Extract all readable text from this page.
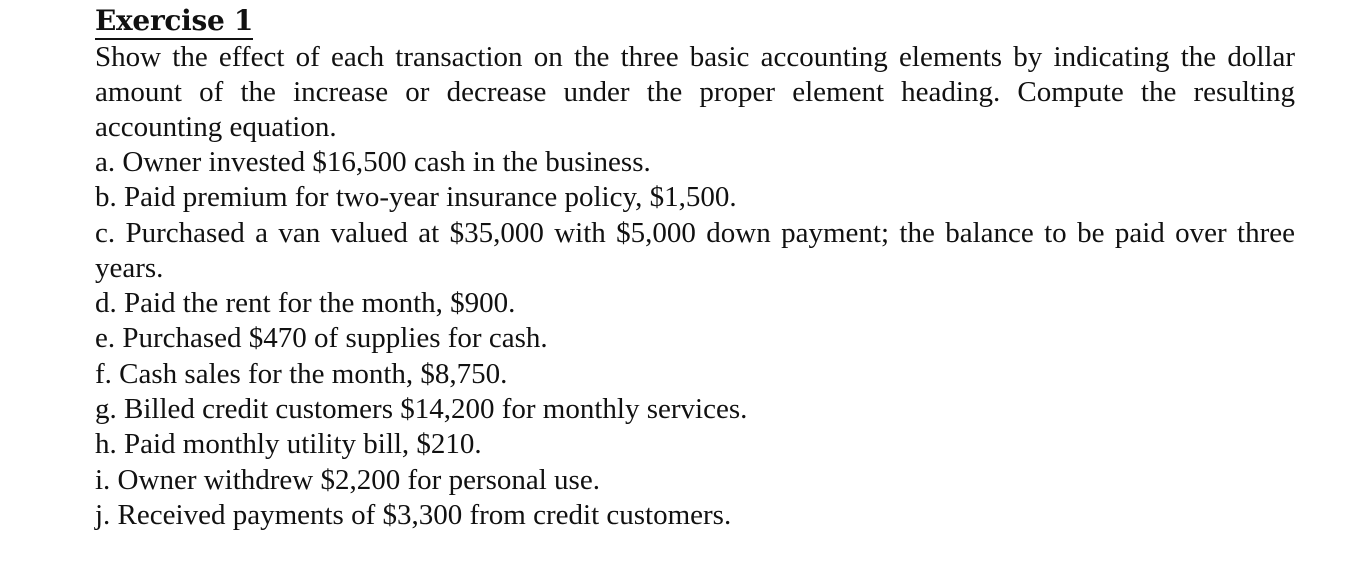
Exercise 1

Show the effect of each transaction on the three basic accounting elements by indicating the dollar amount of the increase or decrease under the proper element heading. Compute the resulting accounting equation.

a. Owner invested $16,500 cash in the business.
b. Paid premium for two-year insurance policy, $1,500.
c. Purchased a van valued at $35,000 with $5,000 down payment; the balance to be paid over three years.
d. Paid the rent for the month, $900.
e. Purchased $470 of supplies for cash.
f. Cash sales for the month, $8,750.
g. Billed credit customers $14,200 for monthly services.
h. Paid monthly utility bill, $210.
i. Owner withdrew $2,200 for personal use.
j. Received payments of $3,300 from credit customers.
